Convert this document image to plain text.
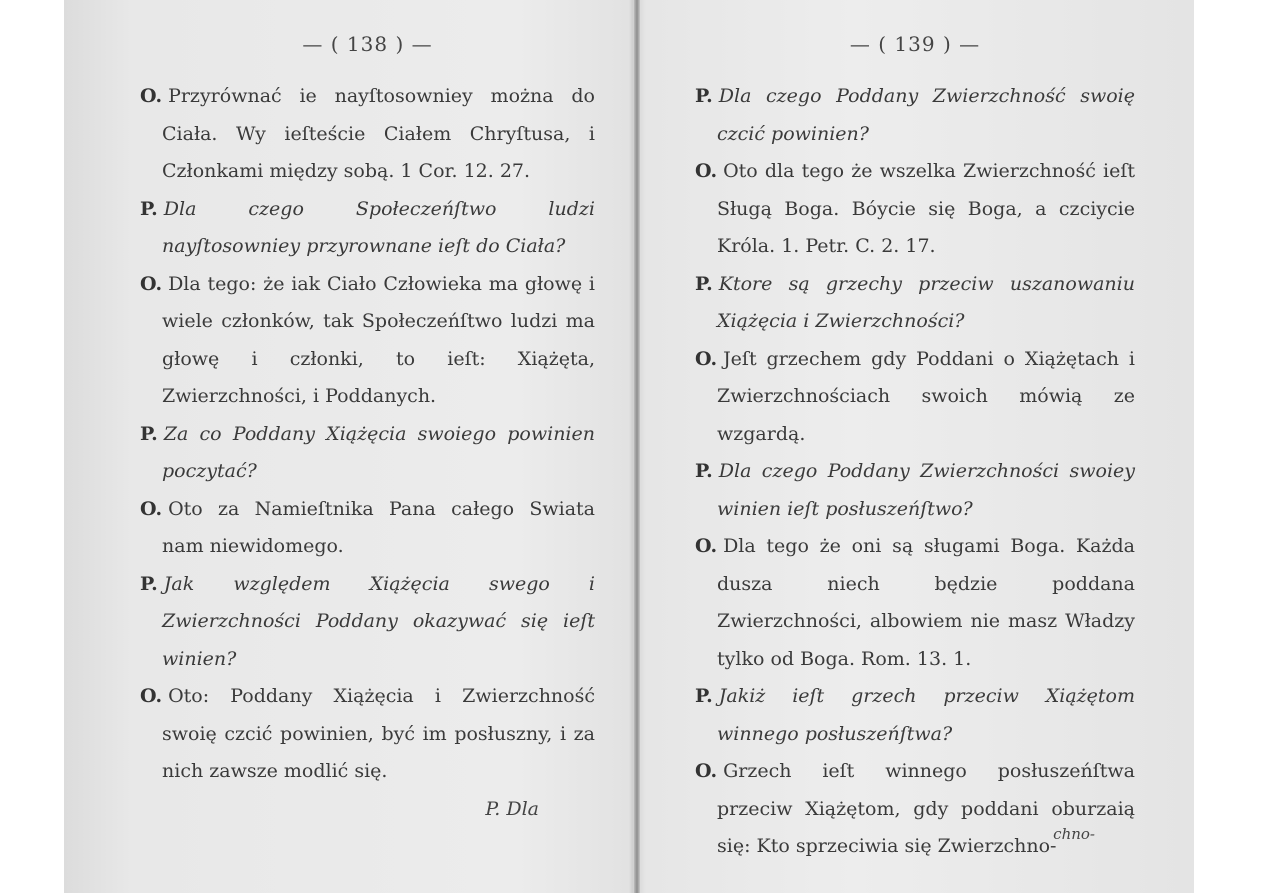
— ( 138 ) —

O. Przyrównać ie nayſtosowniey można do Ciała. Wy ieſteście Ciałem Chryſtusa, i Członkami między sobą. 1 Cor. 12. 27.

P. Dla czego Społeczeńſtwo ludzi nayſtosowniey przyrownane ieſt do Ciała?

O. Dla tego: że iak Ciało Człowieka ma głowę i wiele członków, tak Społeczeńſtwo ludzi ma głowę i członki, to ieſt: Xiążęta, Zwierzchności, i Poddanych.

P. Za co Poddany Xiążęcia swoiego powinien poczytać?

O. Oto za Namieſtnika Pana całego Swiata nam niewidomego.

P. Jak względem Xiążęcia swego i Zwierzchności Poddany okazywać się ieſt winien?

O. Oto: Poddany Xiążęcia i Zwierzchność swoię czcić powinien, być im posłuszny, i za nich zawsze modlić się.

P. Dla
— ( 139 ) —

P. Dla czego Poddany Zwierzchność swoię czcić powinien?

O. Oto dla tego że wszelka Zwierzchność ieſt Sługą Boga. Bóycie się Boga, a czciycie Króla. 1. Petr. C. 2. 17.

P. Ktore są grzechy przeciw uszanowaniu Xiążęcia i Zwierzchności?

O. Jeſt grzechem gdy Poddani o Xiążętach i Zwierzchnościach swoich mówią ze wzgardą.

P. Dla czego Poddany Zwierzchności swoiey winien ieſt posłuszeńſtwo?

O. Dla tego że oni są sługami Boga. Każda dusza niech będzie poddana Zwierzchności, albowiem nie masz Władzy tylko od Boga. Rom. 13. 1.

P. Jakiż ieſt grzech przeciw Xiążętom winnego posłuszeńſtwa?

O. Grzech ieſt winnego posłuszeńſtwa przeciw Xiążętom, gdy poddani oburzaią się: Kto sprzeciwia się Zwierzchno-

chno-
